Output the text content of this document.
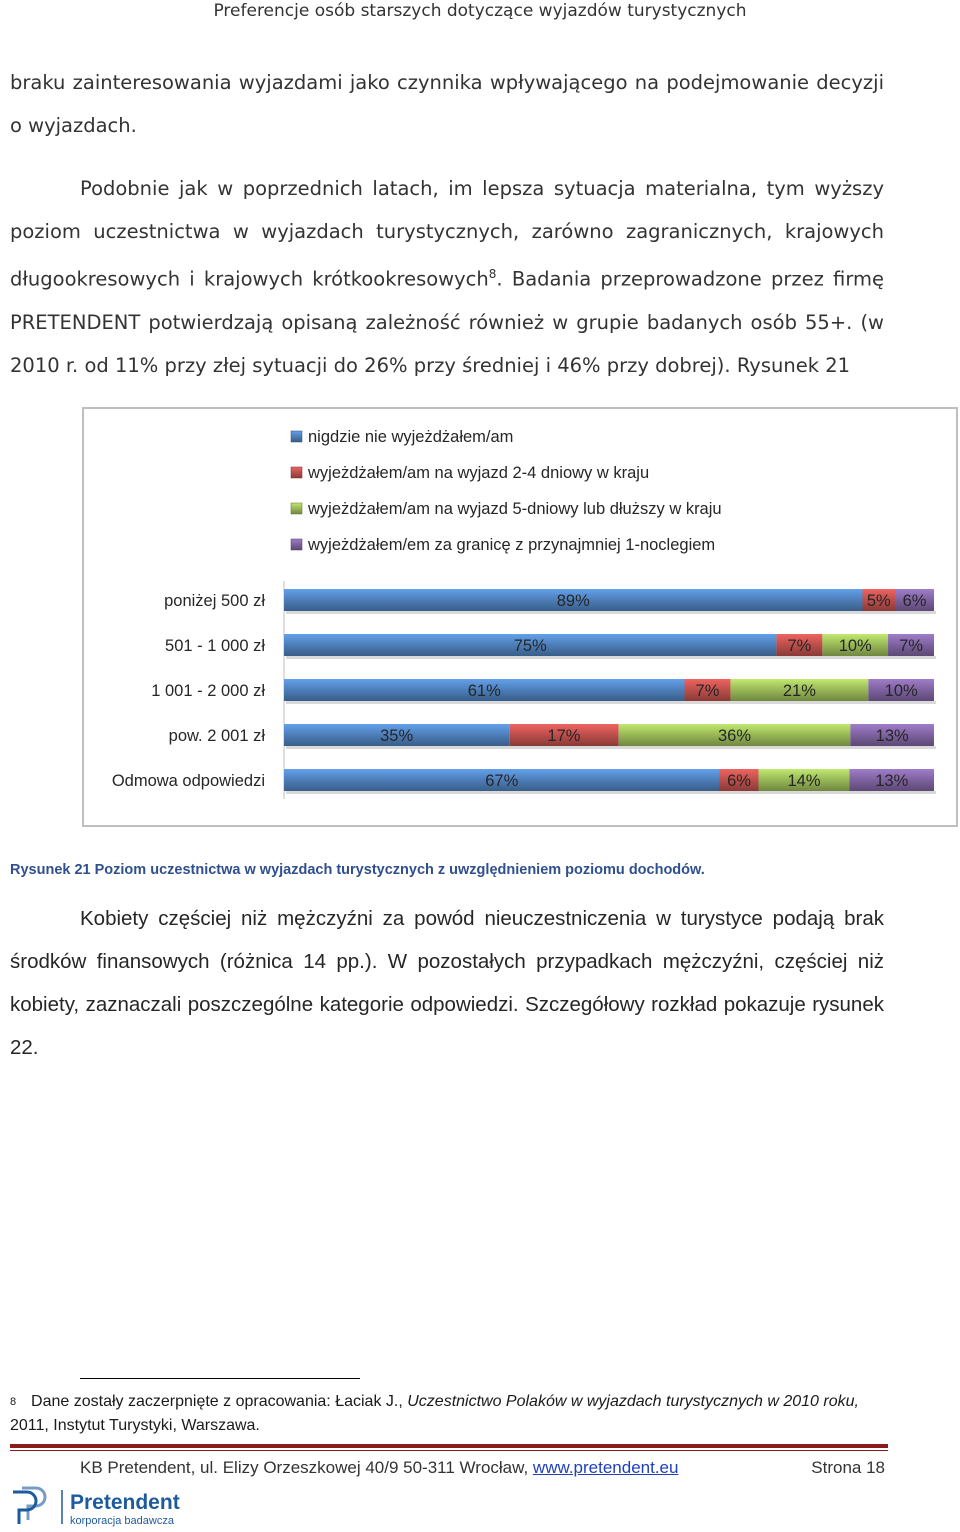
Preferencje osób starszych dotyczące wyjazdów turystycznych
braku zainteresowania wyjazdami jako czynnika wpływającego na podejmowanie decyzji
o wyjazdach.
Podobnie jak w poprzednich latach, im lepsza sytuacja materialna, tym wyższy poziom uczestnictwa w wyjazdach turystycznych, zarówno zagranicznych, krajowych długookresowych i krajowych krótkookresowych$^8$. Badania przeprowadzone przez firmę PRETENDENT potwierdzają opisaną zależność również w grupie badanych osób 55+. (w 2010 r. od 11% przy złej sytuacji do 26% przy średniej i 46% przy dobrej). Rysunek 21
nigdzie nie wyjeżdżałem/am
wyjeżdżałem/am na wyjazd 2-4 dniowy w kraju
wyjeżdżałem/am na wyjazd 5-dniowy lub dłuższy w kraju
wyjeżdżałem/em za granicę z przynajmniej 1-noclegiem
poniżej 500 zł	89%	5% 6%
501 - 1 000 zł	75%	7% 10% 7%
1 001 - 2 000 zł	61%	7%	21%	10%
pow. 2 001 zł	35%	17%	36%	13%
Odmowa odpowiedzi	67%	6% 14%	13%
Rysunek 21 Poziom uczestnictwa w wyjazdach turystycznych z uwzględnieniem poziomu dochodów.
Kobiety częściej niż mężczyźni za powód nieuczestniczenia w turystyce podają brak środków finansowych (różnica 14 pp.). W pozostałych przypadkach mężczyźni, częściej niż kobiety, zaznaczali poszczególne kategorie odpowiedzi. Szczegółowy rozkład pokazuje rysunek 22.
$^8$ Dane zostały zaczerpnięte z opracowania: Łaciak J., Uczestnictwo Polaków w wyjazdach turystycznych w 2010 roku, 2011, Instytut Turystyki, Warszawa.
KB Pretendent, ul. Elizy Orzeszkowej 40/9 50-311 Wrocław, www.pretendent.eu	Strona 18
Pretendent
korporacja badawcza
